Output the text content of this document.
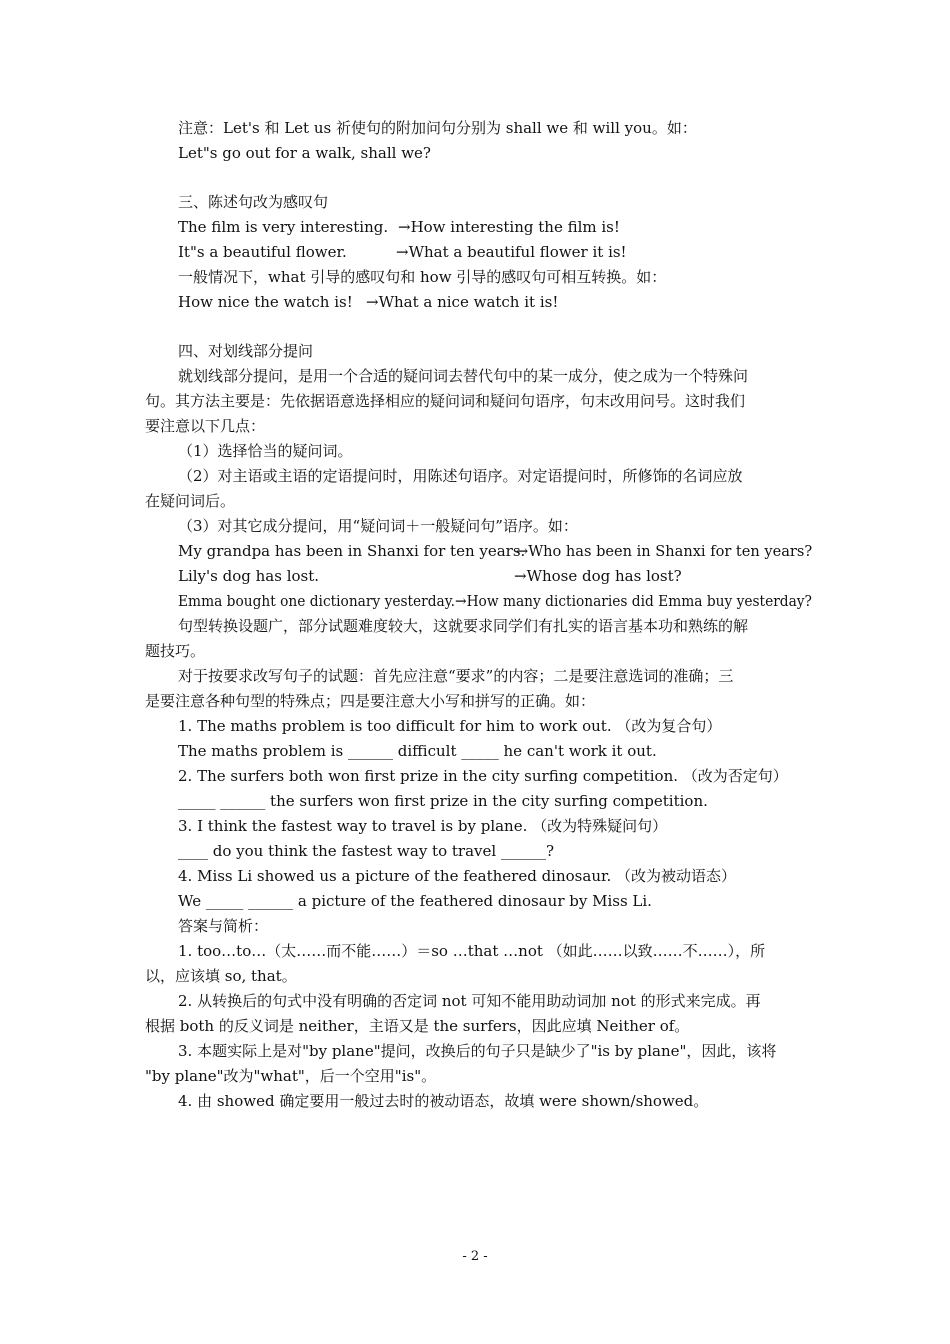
注意：Let's 和 Let us 祈使句的附加问句分别为 shall we 和 will you。如：
Let"s go out for a walk, shall we?
三、陈述句改为感叹句
The film is very interesting. →How interesting the film is!
It"s a beautiful flower.	→What a beautiful flower it is!
一般情况下，what 引导的感叹句和 how 引导的感叹句可相互转换。如：
How nice the watch is! →What a nice watch it is!
四、对划线部分提问
就划线部分提问，是用一个合适的疑问词去替代句中的某一成分，使之成为一个特殊问
句。其方法主要是：先依据语意选择相应的疑问词和疑问句语序，句末改用问号。这时我们
要注意以下几点：
（1）选择恰当的疑问词。
（2）对主语或主语的定语提问时，用陈述句语序。对定语提问时，所修饰的名词应放
在疑问词后。
（3）对其它成分提问，用“疑问词＋一般疑问句”语序。如：
My grandpa has been in Shanxi for ten years.
→Who has been in Shanxi for ten years?
Lily's dog has lost.	→Whose dog has lost?
Emma bought one dictionary yesterday.→How many dictionaries did Emma buy yesterday?
句型转换设题广，部分试题难度较大，这就要求同学们有扎实的语言基本功和熟练的解
题技巧。
对于按要求改写句子的试题：首先应注意“要求”的内容；二是要注意选词的准确；三
是要注意各种句型的特殊点；四是要注意大小写和拼写的正确。如：
1. The maths problem is too difficult for him to work out. （改为复合句）
The maths problem is ______ difficult _____ he can't work it out.
2. The surfers both won first prize in the city surfing competition. （改为否定句）
_____ ______ the surfers won first prize in the city surfing competition.
3. I think the fastest way to travel is by plane. （改为特殊疑问句）
____ do you think the fastest way to travel ______?
4. Miss Li showed us a picture of the feathered dinosaur. （改为被动语态）
We _____ ______ a picture of the feathered dinosaur by Miss Li.
答案与简析：
1. too…to…（太……而不能……）＝so …that …not （如此……以致……不……），所
以，应该填 so, that。
2. 从转换后的句式中没有明确的否定词 not 可知不能用助动词加 not 的形式来完成。再
根据 both 的反义词是 neither，主语又是 the surfers，因此应填 Neither of。
3. 本题实际上是对"by plane"提问，改换后的句子只是缺少了"is by plane"，因此，该将
"by plane"改为"what"，后一个空用"is"。
4. 由 showed 确定要用一般过去时的被动语态，故填 were shown/showed。
- 2 -
